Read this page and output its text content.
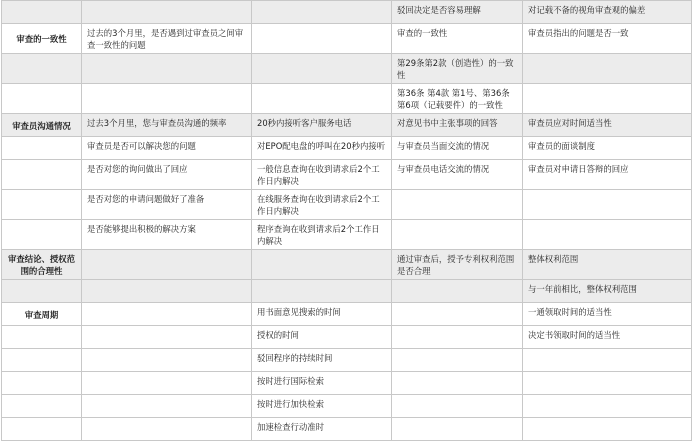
			驳回决定是否容易理解	对记载不备的视角审查观的偏差
审查的一致性	过去的3个月里，是否遇到过审查员之间审查一致性的问题		审查的一致性	审查员指出的问题是否一致
			第29条第2款（创造性）的一致性	
			第36条 第4款 第1号、第36条 第6项（记载要件）的一致性	
审查员沟通情况	过去3个月里，您与审查员沟通的频率	20秒内接听客户服务电话	对意见书中主张事项的回答	审查员应对时间适当性
	审查员是否可以解决您的问题	对EPO配电盘的呼叫在20秒内接听	与审查员当面交流的情况	审查员的面谈制度
	是否对您的询问做出了回应	一般信息查询在收到请求后2个工作日内解决	与审查员电话交流的情况	审查员对申请日答辩的回应
	是否对您的申请问题做好了准备	在线服务查询在收到请求后2个工作日内解决		
	是否能够提出积极的解决方案	程序查询在收到请求后2个工作日内解决		
审查结论、授权范围的合理性			通过审查后，授予专利权利范围是否合理	整体权利范围
				与一年前相比，整体权利范围
审查周期		用书面意见搜索的时间		一通领取时间的适当性
		授权的时间		决定书领取时间的适当性
		驳回程序的持续时间		
		按时进行国际检索		
		按时进行加快检索		
		加速检查行动准时		
